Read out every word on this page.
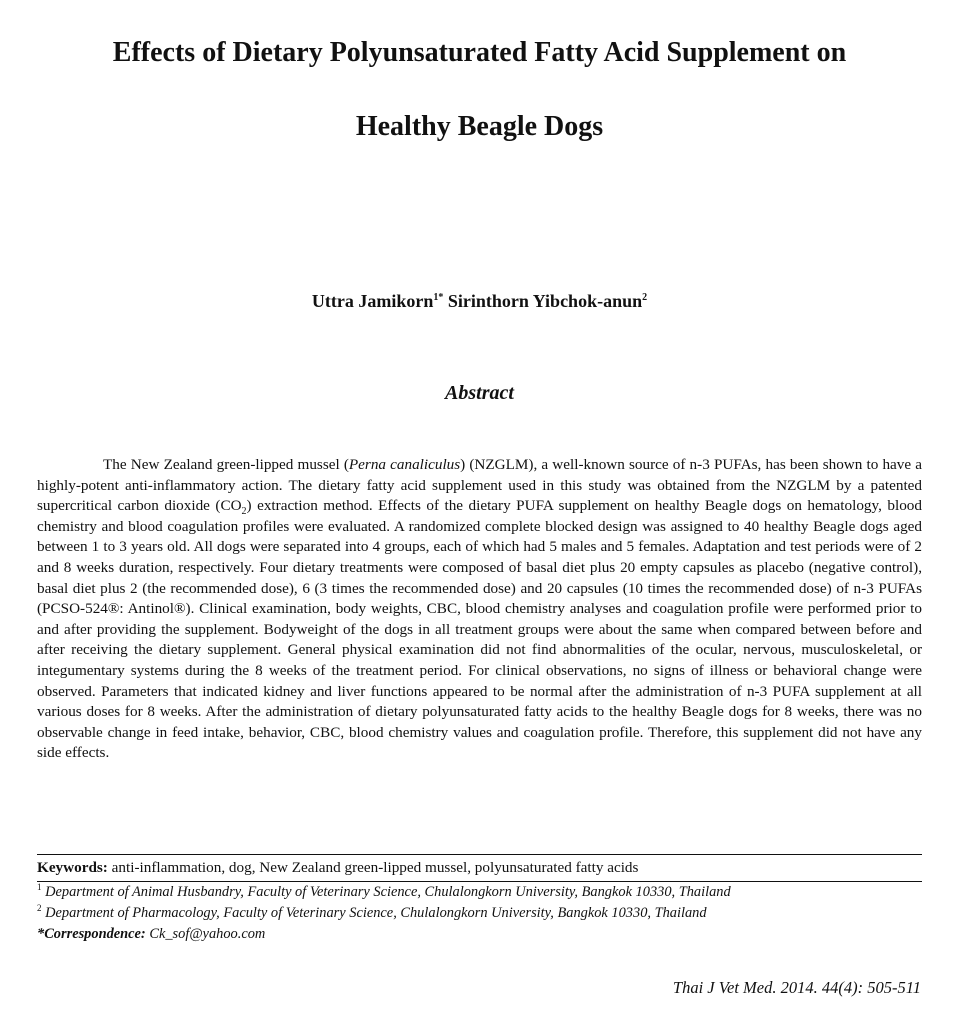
Effects of Dietary Polyunsaturated Fatty Acid Supplement on
Healthy Beagle Dogs
Uttra Jamikorn$^{1*}$ Sirinthorn Yibchok-anun$^2$
Abstract

The New Zealand green-lipped mussel (Perna canaliculus) (NZGLM), a well-known source of n-3 PUFAs, has been shown to have a highly-potent anti-inflammatory action. The dietary fatty acid supplement used in this study was obtained from the NZGLM by a patented supercritical carbon dioxide $(CO_2)$ extraction method. Effects of the dietary PUFA supplement on healthy Beagle dogs on hematology, blood chemistry and blood coagulation profiles were evaluated. A randomized complete blocked design was assigned to 40 healthy Beagle dogs aged between 1 to 3 years old. All dogs were separated into 4 groups, each of which had 5 males and 5 females. Adaptation and test periods were of 2 and 8 weeks duration, respectively. Four dietary treatments were composed of basal diet plus 20 empty capsules as placebo (negative control), basal diet plus 2 (the recommended dose), 6 (3 times the recommended dose) and 20 capsules (10 times the recommended dose) of n-3 PUFAs (PCSO-524®: Antinol®). Clinical examination, body weights, CBC, blood chemistry analyses and coagulation profile were performed prior to and after providing the supplement. Bodyweight of the dogs in all treatment groups were about the same when compared between before and after receiving the dietary supplement. General physical examination did not find abnormalities of the ocular, nervous, musculoskeletal, or integumentary systems during the 8 weeks of the treatment period. For clinical observations, no signs of illness or behavioral change were observed. Parameters that indicated kidney and liver functions appeared to be normal after the administration of n-3 PUFA supplement at all various doses for 8 weeks. After the administration of dietary polyunsaturated fatty acids to the healthy Beagle dogs for 8 weeks, there was no observable change in feed intake, behavior, CBC, blood chemistry values and coagulation profile. Therefore, this supplement did not have any side effects.

Keywords: anti-inflammation, dog, New Zealand green-lipped mussel, polyunsaturated fatty acids
$^1$ Department of Animal Husbandry, Faculty of Veterinary Science, Chulalongkorn University, Bangkok 10330, Thailand
$^2$ Department of Pharmacology, Faculty of Veterinary Science, Chulalongkorn University, Bangkok 10330, Thailand
*Correspondence: Ck_sof@yahoo.com
Thai J Vet Med. 2014. 44(4): 505-511
